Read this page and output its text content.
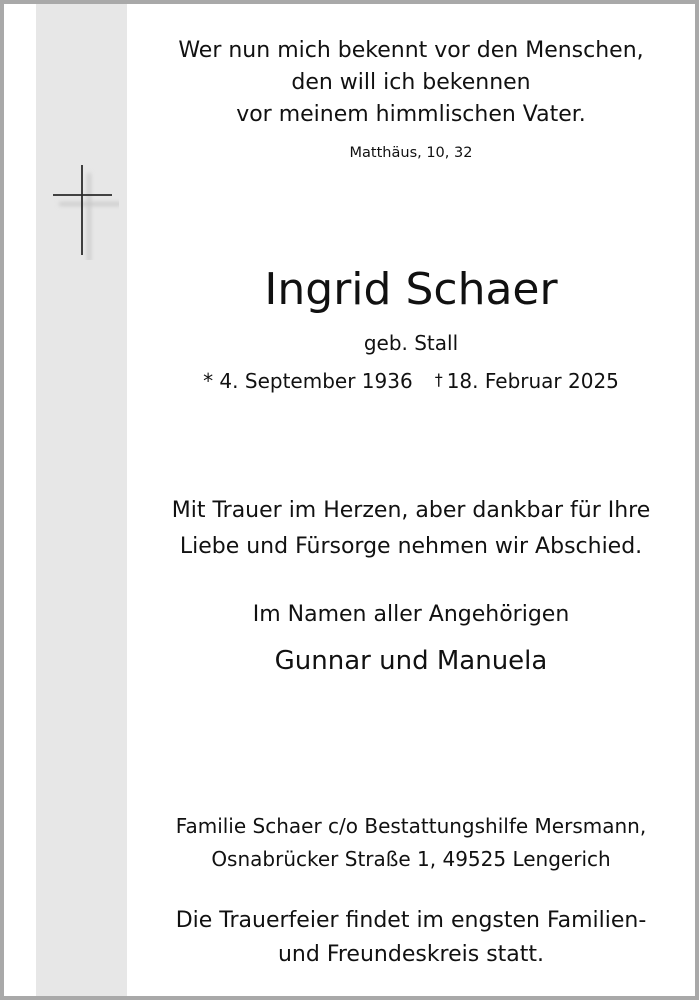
Wer nun mich bekennt vor den Menschen,
den will ich bekennen
vor meinem himmlischen Vater.
Matthäus, 10, 32
Ingrid Schaer
geb. Stall
* 4. September 1936 † 18. Februar 2025
Mit Trauer im Herzen, aber dankbar für Ihre
Liebe und Fürsorge nehmen wir Abschied.
Im Namen aller Angehörigen
Gunnar und Manuela
Familie Schaer c/o Bestattungshilfe Mersmann,
Osnabrücker Straße 1, 49525 Lengerich
Die Trauerfeier findet im engsten Familien-
und Freundeskreis statt.
